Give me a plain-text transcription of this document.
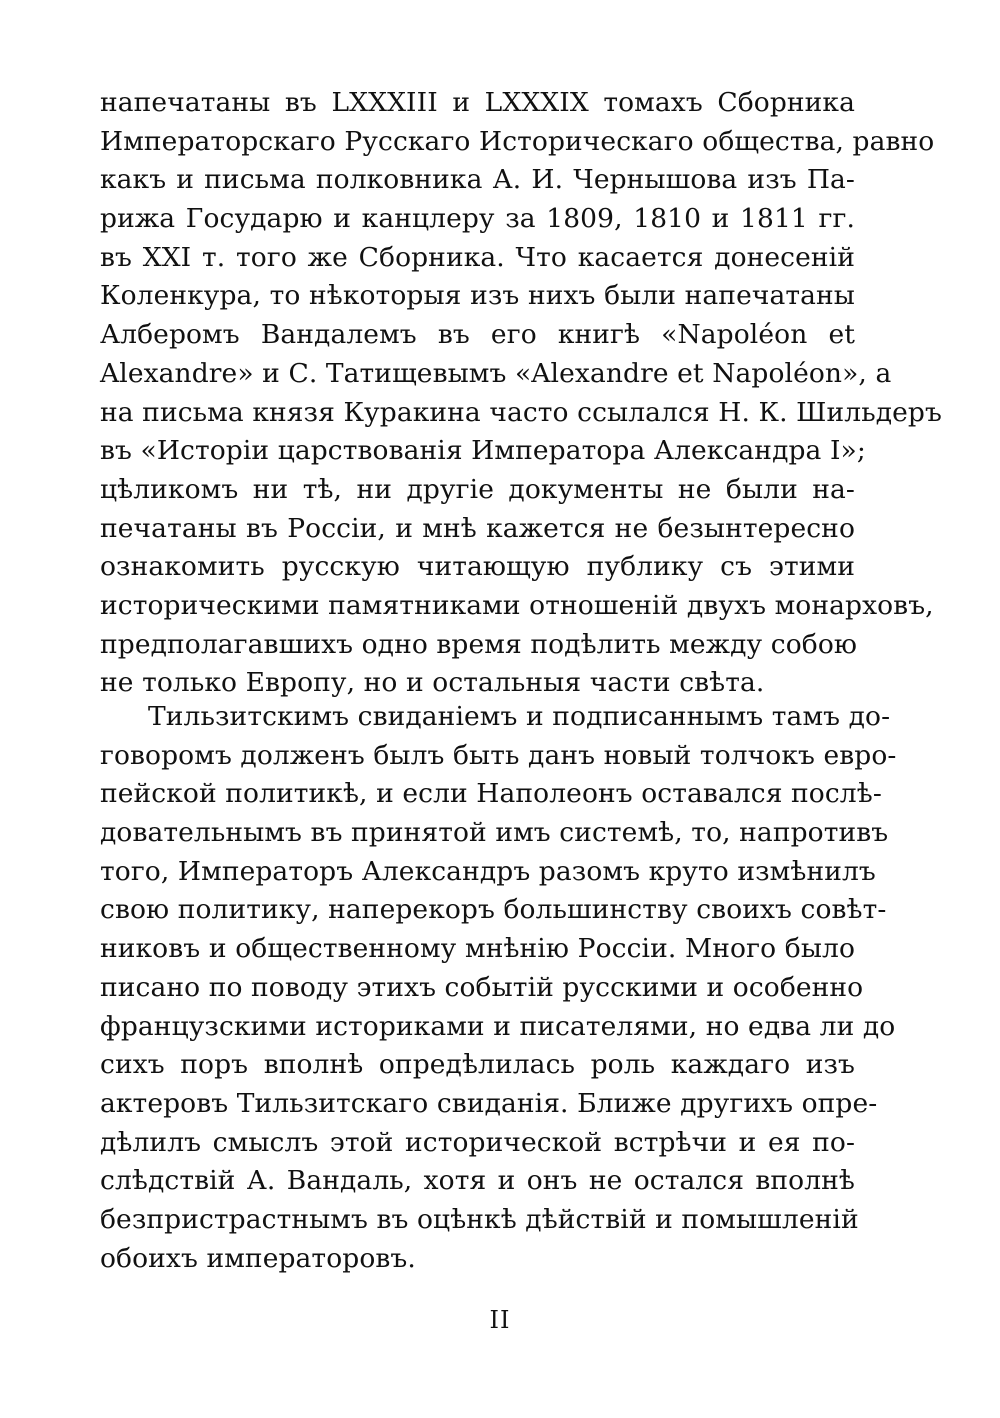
напечатаны въ LXXXIII и LXXXIX томахъ Сборника
Императорскаго Русскаго Историческаго общества, равно
какъ и письма полковника А. И. Чернышова изъ Па-
рижа Государю и канцлеру за 1809, 1810 и 1811 гг.
въ XXI т. того же Сборника. Что касается донесеній
Коленкура, то нѣкоторыя изъ нихъ были напечатаны
Алберомъ Вандалемъ въ его книгѣ «Napoléon et
Alexandre» и С. Татищевымъ «Alexandre et Napoléon», а
на письма князя Куракина часто ссылался Н. К. Шильдеръ
въ «Исторіи царствованія Императора Александра I»;
цѣликомъ ни тѣ, ни другіе документы не были на-
печатаны въ Россіи, и мнѣ кажется не безынтересно
ознакомить русскую читающую публику съ этими
историческими памятниками отношеній двухъ монарховъ,
предполагавшихъ одно время подѣлить между собою
не только Европу, но и остальныя части свѣта.
Тильзитскимъ свиданіемъ и подписаннымъ тамъ до-
говоромъ долженъ былъ быть данъ новый толчокъ евро-
пейской политикѣ, и если Наполеонъ оставался послѣ-
довательнымъ въ принятой имъ системѣ, то, напротивъ
того, Императоръ Александръ разомъ круто измѣнилъ
свою политику, наперекоръ большинству своихъ совѣт-
никовъ и общественному мнѣнію Россіи. Много было
писано по поводу этихъ событій русскими и особенно
французскими историками и писателями, но едва ли до
сихъ поръ вполнѣ опредѣлилась роль каждаго изъ
актеровъ Тильзитскаго свиданія. Ближе другихъ опре-
дѣлилъ смыслъ этой исторической встрѣчи и ея по-
слѣдствій А. Вандаль, хотя и онъ не остался вполнѣ
безпристрастнымъ въ оцѣнкѣ дѣйствій и помышленій
обоихъ императоровъ.
II
